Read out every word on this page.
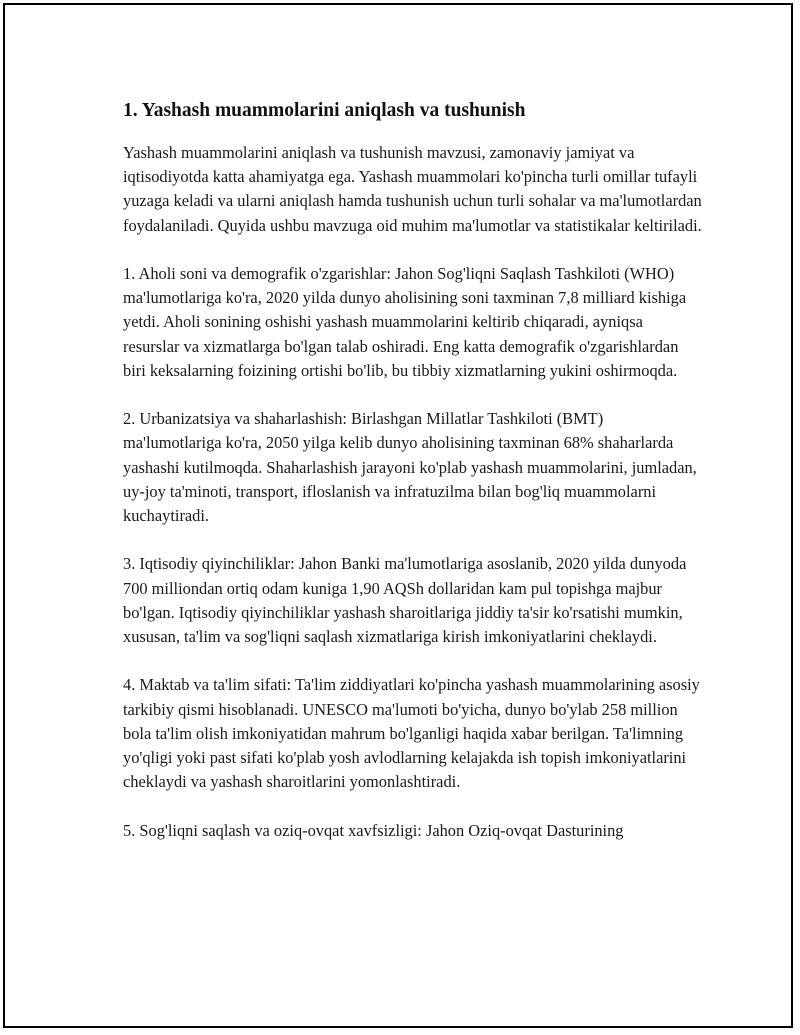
1. Yashash muammolarini aniqlash va tushunish

Yashash muammolarini aniqlash va tushunish mavzusi, zamonaviy jamiyat va iqtisodiyotda katta ahamiyatga ega. Yashash muammolari ko'pincha turli omillar tufayli yuzaga keladi va ularni aniqlash hamda tushunish uchun turli sohalar va ma'lumotlardan foydalaniladi. Quyida ushbu mavzuga oid muhim ma'lumotlar va statistikalar keltiriladi.

1. Aholi soni va demografik o'zgarishlar: Jahon Sog'liqni Saqlash Tashkiloti (WHO) ma'lumotlariga ko'ra, 2020 yilda dunyo aholisining soni taxminan 7,8 milliard kishiga yetdi. Aholi sonining oshishi yashash muammolarini keltirib chiqaradi, ayniqsa resurslar va xizmatlarga bo'lgan talab oshiradi. Eng katta demografik o'zgarishlardan biri keksalarning foizining ortishi bo'lib, bu tibbiy xizmatlarning yukini oshirmoqda.

2. Urbanizatsiya va shaharlashish: Birlashgan Millatlar Tashkiloti (BMT) ma'lumotlariga ko'ra, 2050 yilga kelib dunyo aholisining taxminan 68% shaharlarda yashashi kutilmoqda. Shaharlashish jarayoni ko'plab yashash muammolarini, jumladan, uy-joy ta'minoti, transport, ifloslanish va infratuzilma bilan bog'liq muammolarni kuchaytiradi.

3. Iqtisodiy qiyinchiliklar: Jahon Banki ma'lumotlariga asoslanib, 2020 yilda dunyoda 700 milliondan ortiq odam kuniga 1,90 AQSh dollaridan kam pul topishga majbur bo'lgan. Iqtisodiy qiyinchiliklar yashash sharoitlariga jiddiy ta'sir ko'rsatishi mumkin, xususan, ta'lim va sog'liqni saqlash xizmatlariga kirish imkoniyatlarini cheklaydi.

4. Maktab va ta'lim sifati: Ta'lim ziddiyatlari ko'pincha yashash muammolarining asosiy tarkibiy qismi hisoblanadi. UNESCO ma'lumoti bo'yicha, dunyo bo'ylab 258 million bola ta'lim olish imkoniyatidan mahrum bo'lganligi haqida xabar berilgan. Ta'limning yo'qligi yoki past sifati ko'plab yosh avlodlarning kelajakda ish topish imkoniyatlarini cheklaydi va yashash sharoitlarini yomonlashtiradi.

5. Sog'liqni saqlash va oziq-ovqat xavfsizligi: Jahon Oziq-ovqat Dasturining
